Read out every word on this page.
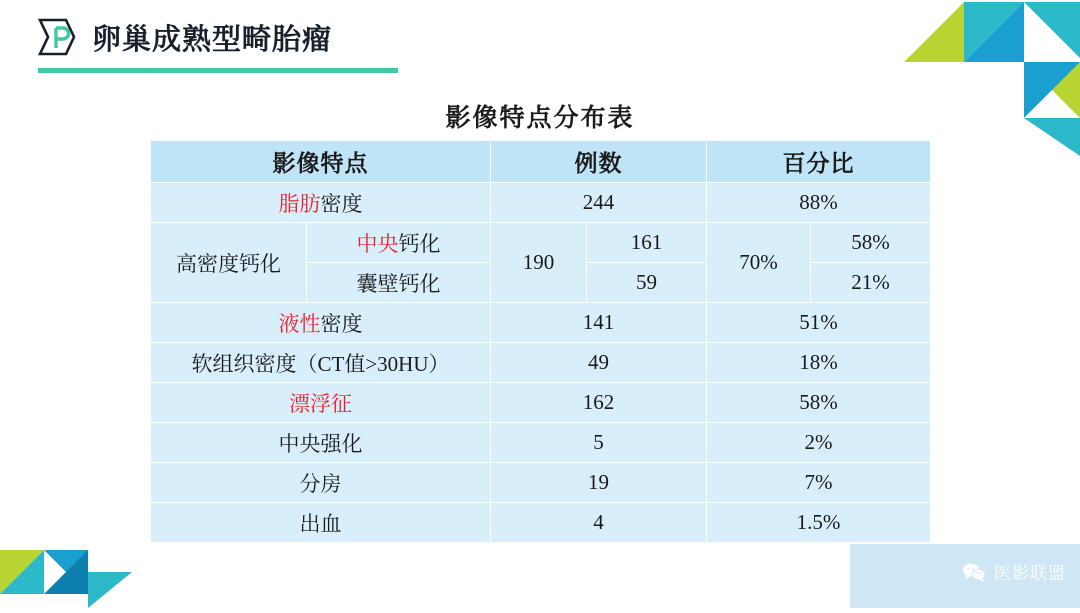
卵巢成熟型畸胎瘤
影像特点分布表
影像特点		例数		百分比	
脂肪密度		244		88%	
高密度钙化	中央钙化	190	161	70%	58%
	囊壁钙化		59		21%
液性密度		141		51%	
软组织密度（CT值>30HU）		49		18%	
漂浮征		162		58%	
中央强化		5		2%	
分房		19		7%	
出血		4		1.5%	
医影联盟
